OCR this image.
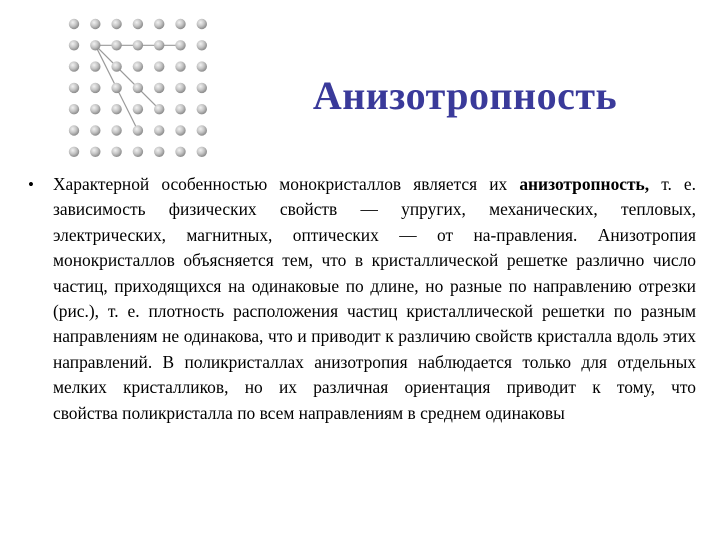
Анизотропность
• Характерной особенностью монокристаллов является их анизотропность, т. е. зависимость физических свойств — упругих, механических, тепловых, электрических, магнитных, оптических — от на-правления. Анизотропия монокристаллов объясняется тем, что в кристаллической решетке различно число частиц, приходящихся на одинаковые по длине, но разные по направлению отрезки (рис.), т. е. плотность расположения частиц кристаллической решетки по разным направлениям не одинакова, что и приводит к различию свойств кристалла вдоль этих направлений. В поликристаллах анизотропия наблюдается только для отдельных мелких кристалликов, но их различная ориентация приводит к тому, что
свойства поликристалла по всем направлениям в среднем одинаковы
